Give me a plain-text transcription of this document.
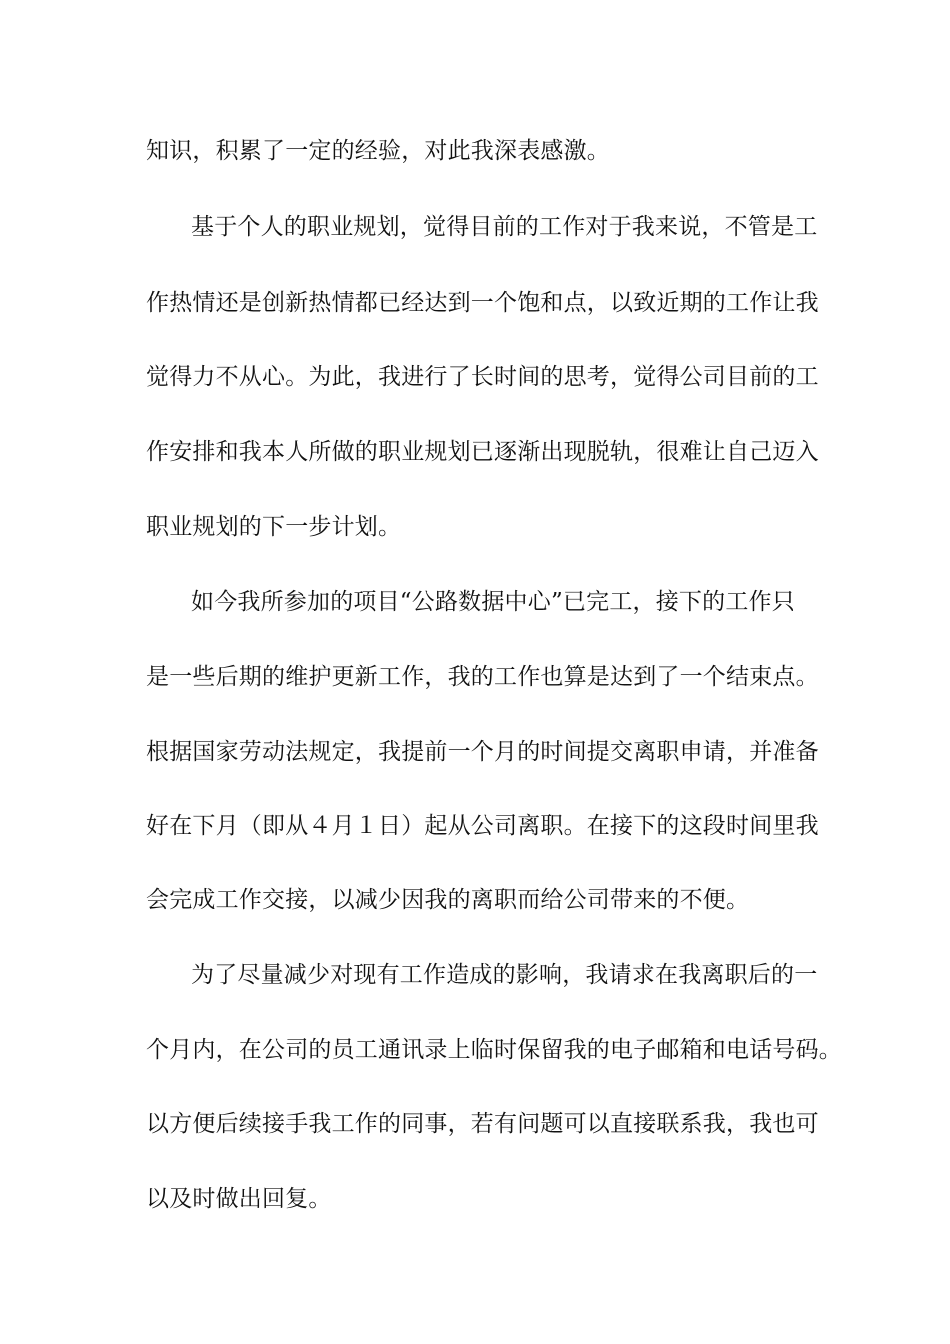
知识，积累了一定的经验，对此我深表感激。
基于个人的职业规划，觉得目前的工作对于我来说，不管是工
作热情还是创新热情都已经达到一个饱和点，以致近期的工作让我
觉得力不从心。为此，我进行了长时间的思考，觉得公司目前的工
作安排和我本人所做的职业规划已逐渐出现脱轨，很难让自己迈入
职业规划的下一步计划。
如今我所参加的项目“公路数据中心”已完工，接下的工作只
是一些后期的维护更新工作，我的工作也算是达到了一个结束点。
根据国家劳动法规定，我提前一个月的时间提交离职申请，并准备
好在下月（即从４月１日）起从公司离职。在接下的这段时间里我
会完成工作交接，以减少因我的离职而给公司带来的不便。
为了尽量减少对现有工作造成的影响，我请求在我离职后的一
个月内，在公司的员工通讯录上临时保留我的电子邮箱和电话号码。
以方便后续接手我工作的同事，若有问题可以直接联系我，我也可
以及时做出回复。
